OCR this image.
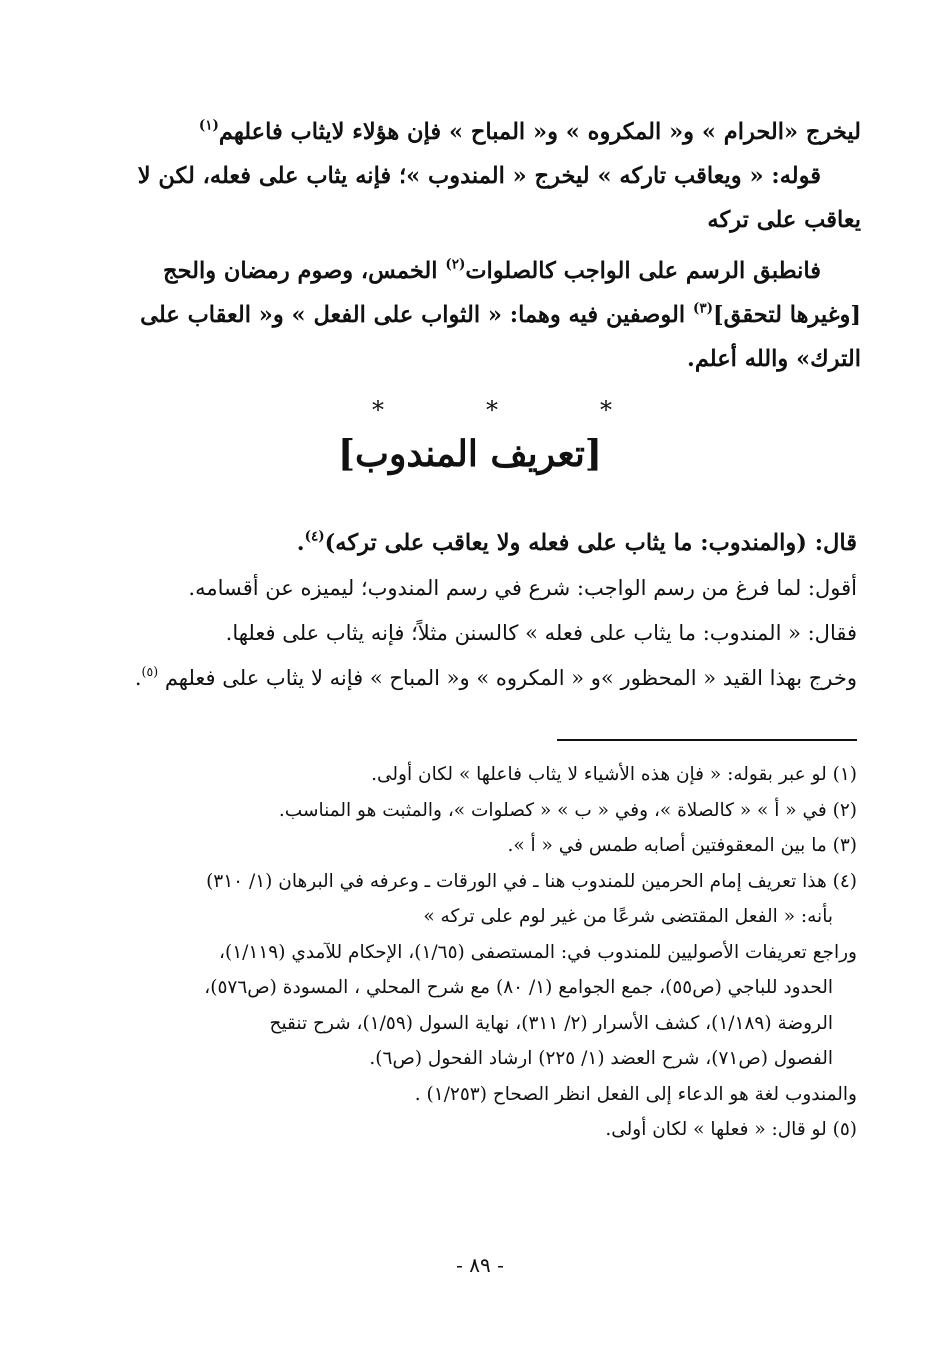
ليخرج «الحرام » و« المكروه » و« المباح » فإن هؤلاء لايثاب فاعلهم$^{(١)}$
قوله: « ويعاقب تاركه » ليخرج « المندوب »؛ فإنه يثاب على فعله، لكن لا
يعاقب على تركه
فانطبق الرسم على الواجب كالصلوات$^{(٢)}$ الخمس، وصوم رمضان والحج
[وغيرها لتحقق]$^{(٣)}$ الوصفين فيه وهما: « الثواب على الفعل » و« العقاب على
الترك» والله أعلم.
*	*	*
[تعريف المندوب]
قال: (والمندوب: ما يثاب على فعله ولا يعاقب على تركه)$^{(٤)}$.
أقول: لما فرغ من رسم الواجب: شرع في رسم المندوب؛ ليميزه عن أقسامه.
فقال: « المندوب: ما يثاب على فعله » كالسنن مثلاً؛ فإنه يثاب على فعلها.
وخرج بهذا القيد « المحظور »و « المكروه » و« المباح » فإنه لا يثاب على فعلهم $^{(٥)}$.
(١) لو عبر بقوله: « فإن هذه الأشياء لا يثاب فاعلها » لكان أولى.
(٢) في « أ » « كالصلاة »، وفي « ب » « كصلوات »، والمثبت هو المناسب.
(٣) ما بين المعقوفتين أصابه طمس في « أ ».
(٤) هذا تعريف إمام الحرمين للمندوب هنا ـ في الورقات ـ وعرفه في البرهان (١/ ٣١٠)
بأنه: « الفعل المقتضى شرعًا من غير لوم على تركه »
وراجع تعريفات الأصوليين للمندوب في: المستصفى (١/٦٥)، الإحكام للآمدي (١/١١٩)،
الحدود للباجي (ص٥٥)، جمع الجوامع (١/ ٨٠) مع شرح المحلي ، المسودة (ص٥٧٦)،
الروضة (١/١٨٩)، كشف الأسرار (٢/ ٣١١)، نهاية السول (١/٥٩)، شرح تنقيح
الفصول (ص٧١)، شرح العضد (١/ ٢٢٥) ارشاد الفحول (ص٦).
والمندوب لغة هو الدعاء إلى الفعل انظر الصحاح (١/٢٥٣) .
(٥) لو قال: « فعلها » لكان أولى.
- ٨٩ -
